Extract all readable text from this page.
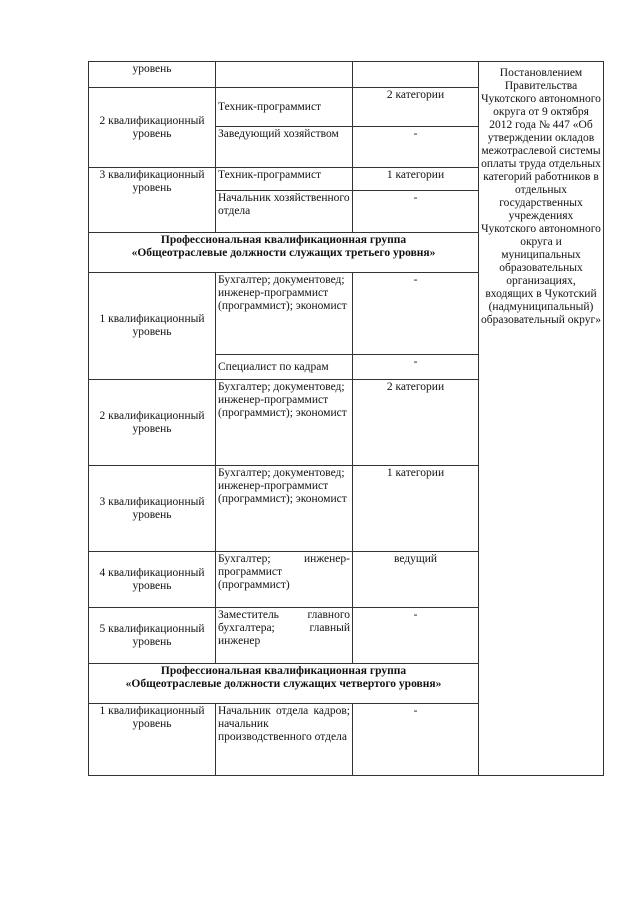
уровень			Постановлением Правительства Чукотского автономного округа от 9 октября 2012 года № 447 «Об утверждении окладов межотраслевой системы оплаты труда отдельных категорий работников в отдельных государственных учреждениях Чукотского автономного округа и муниципальных образовательных организациях, входящих в Чукотский (надмуниципальный) образовательный округ»

2 квалификационный уровень	Техник-программист	2 категории	
	Заведующий хозяйством	-	
3 квалификационный уровень	Техник-программист	1 категории	
	Начальник хозяйственного отдела	-	

Профессиональная квалификационная группа
«Общеотраслевые должности служащих третьего уровня»			

1 квалификационный уровень	Бухгалтер; документовед; инженер-программист (программист); экономист	-	
	Специалист по кадрам	-	
2 квалификационный уровень	Бухгалтер; документовед; инженер-программист (программист); экономист	2 категории	
3 квалификационный уровень	Бухгалтер; документовед; инженер-программист (программист); экономист	1 категории	
4 квалификационный уровень	Бухгалтер; инженер-программист (программист)	ведущий	
5 квалификационный уровень	Заместитель главного бухгалтера; главный инженер	-	

Профессиональная квалификационная группа
«Общеотраслевые должности служащих четвертого уровня»			

1 квалификационный уровень	Начальник отдела кадров; начальник производственного отдела	-	
